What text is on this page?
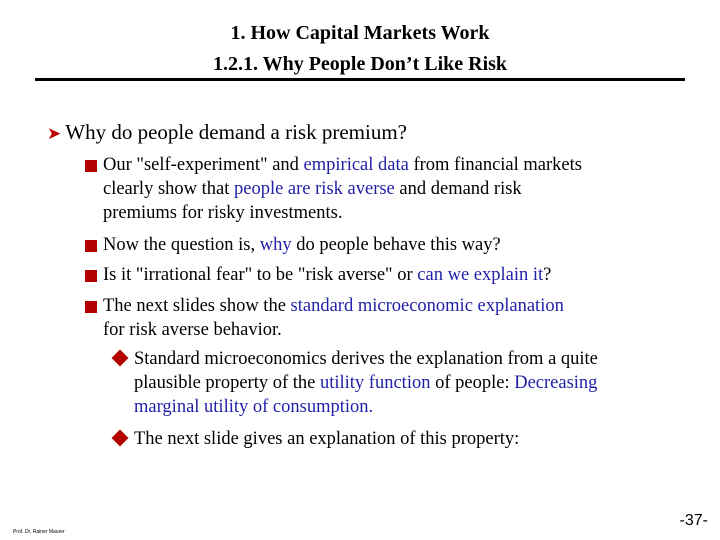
1. How Capital Markets Work
1.2.1. Why People Don’t Like Risk
➤ Why do people demand a risk premium?
Our "self-experiment" and empirical data from financial markets
clearly show that people are risk averse and demand risk
premiums for risky investments.
Now the question is, why do people behave this way?
Is it "irrational fear" to be "risk averse" or can we explain it?
The next slides show the standard microeconomic explanation
for risk averse behavior.
Standard microeconomics derives the explanation from a quite
plausible property of the utility function of people: Decreasing
marginal utility of consumption.
The next slide gives an explanation of this property:
Prof. Dr. Rainer Maurer
-37-
